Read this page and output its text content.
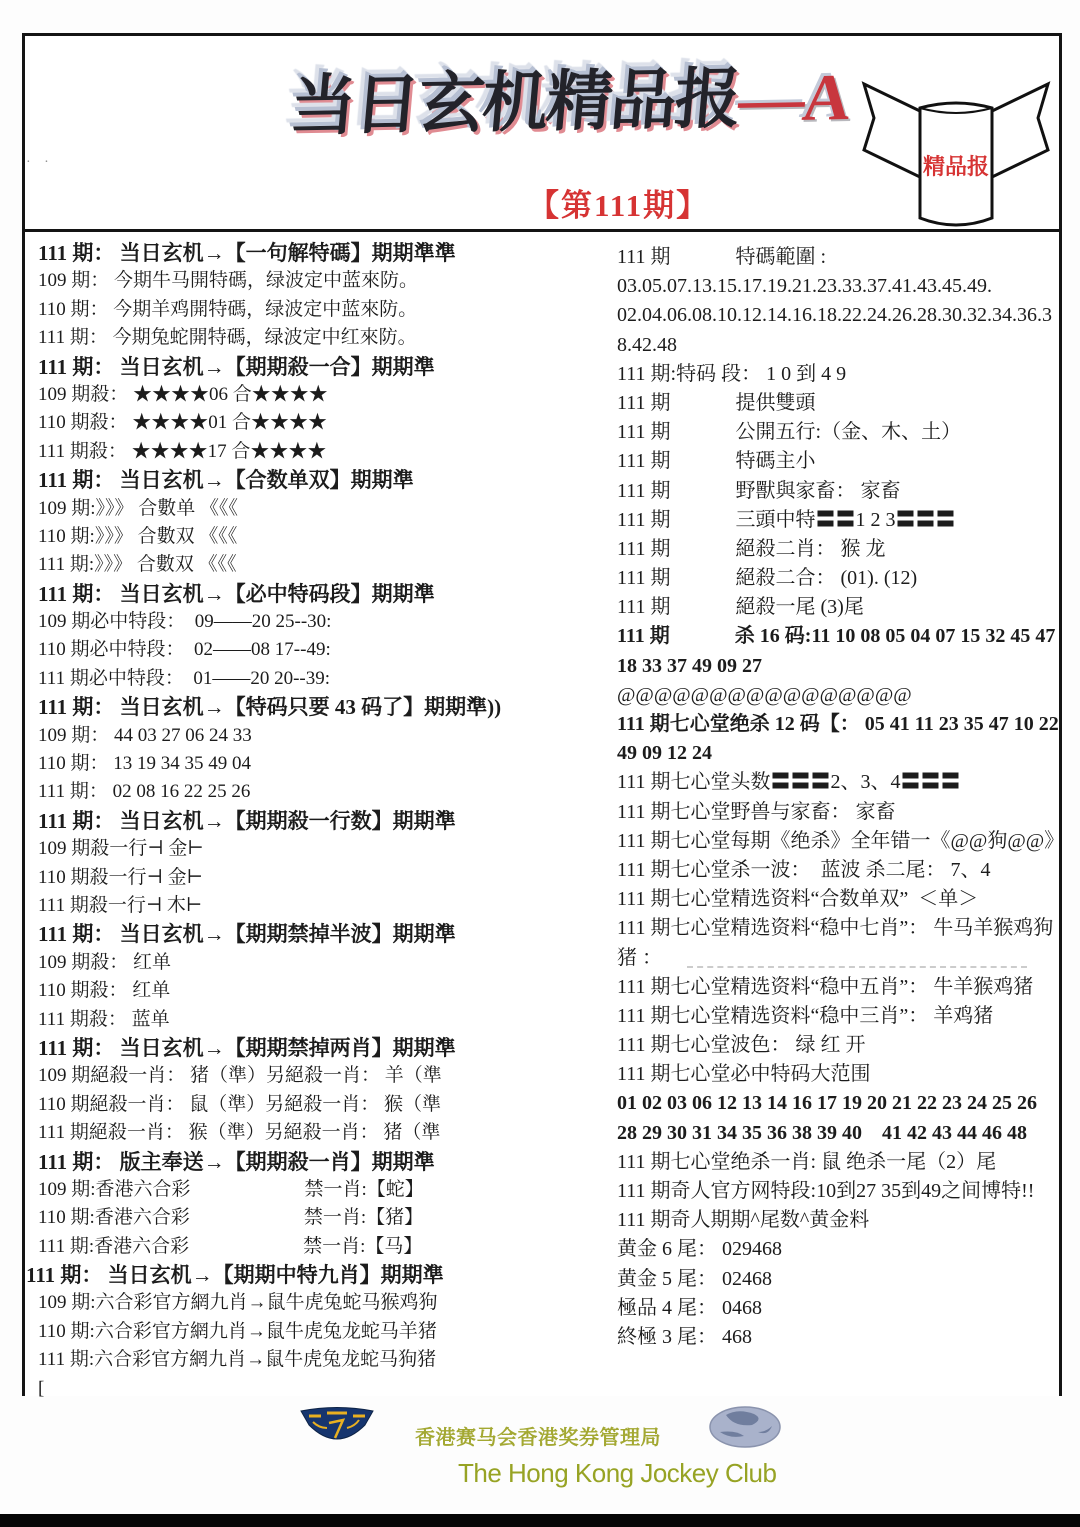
· ·
当日玄机精品报—A
【第111期】
精品报
111 期： 当日玄机→【一句解特碼】期期準準
109 期： 今期牛马開特碼，绿波定中蓝來防。
110 期： 今期羊鸡開特碼，绿波定中蓝來防。
111 期： 今期兔蛇開特碼，绿波定中红來防。
111 期： 当日玄机→【期期殺一合】期期準
109 期殺： ★★★★06 合★★★★
110 期殺： ★★★★01 合★★★★
111 期殺： ★★★★17 合★★★★
111 期： 当日玄机→【合数单双】期期準
109 期:》》》 合數单 《《《
110 期:》》》 合數双 《《《
111 期:》》》 合數双 《《《
111 期： 当日玄机→【必中特码段】期期準
109 期必中特段：  09——20 25--30:
110 期必中特段：  02——08 17--49:
111 期必中特段：  01——20 20--39:
111 期： 当日玄机→【特码只要 43 码了】期期準))
109 期： 44 03 27 06 24 33
110 期： 13 19 34 35 49 04
111 期： 02 08 16 22 25 26
111 期： 当日玄机→【期期殺一行数】期期準
109 期殺一行⊣ 金⊢
110 期殺一行⊣ 金⊢
111 期殺一行⊣ 木⊢
111 期： 当日玄机→【期期禁掉半波】期期準
109 期殺： 红单
110 期殺： 红单
111 期殺： 蓝单
111 期： 当日玄机→【期期禁掉两肖】期期準
109 期絕殺一肖： 猪（準）另絕殺一肖： 羊（準
110 期絕殺一肖： 鼠（準）另絕殺一肖： 猴（準
111 期絕殺一肖： 猴（準）另絕殺一肖： 猪（準
111 期： 版主奉送→【期期殺一肖】期期準
109 期:香港六合彩　　　　　　禁一肖:【蛇】
110 期:香港六合彩　　　　　　禁一肖:【猪】
111 期:香港六合彩　　　　　　禁一肖:【马】
111 期： 当日玄机→【期期中特九肖】期期準
109 期:六合彩官方網九肖→鼠牛虎兔蛇马猴鸡狗
110 期:六合彩官方網九肖→鼠牛虎兔龙蛇马羊猪
111 期:六合彩官方網九肖→鼠牛虎兔龙蛇马狗猪
[
111 期　　　 特碼範圍 :
03.05.07.13.15.17.19.21.23.33.37.41.43.45.49.
02.04.06.08.10.12.14.16.18.22.24.26.28.30.32.34.36.3
8.42.48
111 期:特码 段： 1 0 到 4 9
111 期　　　 提供雙頭
111 期　　　 公開五行:（金、木、土）
111 期　　　 特碼主小
111 期　　　 野獸與家畜： 家畜
111 期　　　 三頭中特〓〓1 2 3〓〓〓
111 期　　　 絕殺二肖： 猴 龙
111 期　　　 絕殺二合： (01). (12)
111 期　　　 絕殺一尾 (3)尾
111 期　　　 杀 16 码:11 10 08 05 04 07 15 32 45 47
18 33 37 49 09 27
@@@@@@@@@@@@@@@@
111 期七心堂绝杀 12 码【： 05 41 11 23 35 47 10 22
49 09 12 24
111 期七心堂头数〓〓〓2、3、4〓〓〓
111 期七心堂野兽与家畜： 家畜
111 期七心堂每期《绝杀》全年错一《@@狗@@》
111 期七心堂杀一波：  蓝波 杀二尾： 7、4
111 期七心堂精选资料“合数单双”  ＜单＞
111 期七心堂精选资料“稳中七肖”： 牛马羊猴鸡狗
猪 ：
111 期七心堂精选资料“稳中五肖”： 牛羊猴鸡猪
111 期七心堂精选资料“稳中三肖”： 羊鸡猪
111 期七心堂波色： 绿 红 开
111 期七心堂必中特码大范围
01 02 03 06 12 13 14 16 17 19 20 21 22 23 24 25 26
28 29 30 31 34 35 36 38 39 40　41 42 43 44 46 48
111 期七心堂绝杀一肖: 鼠 绝杀一尾（2）尾
111 期奇人官方网特段:10到27 35到49之间博特!!
111 期奇人期期^尾数^黄金料
黄金 6 尾： 029468
黄金 5 尾： 02468
極品 4 尾： 0468
終極 3 尾： 468
香港赛马会香港奖券管理局
The Hong Kong Jockey Club
